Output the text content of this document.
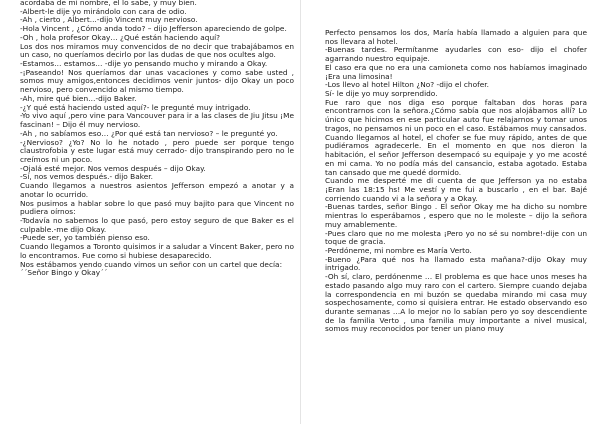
acordaba de mi nombre, el lo sabe, y muy bien.

-Albert-le dije yo mirándolo con cara de odio.

-Ah , cierto , Albert...-dijo Vincent muy nervioso.

-Hola Vincent , ¿Cómo anda todo? – dijo Jefferson apareciendo de golpe.

-Oh , hola profesor Okay… ¿Qué están haciendo aquí?

Los dos nos miramos muy convencidos de no decir que trabajábamos en un caso, no queríamos decirlo por las dudas de que nos ocultes algo.

-Estamos… estamos… -dije yo pensando mucho y mirando a Okay.

-¡Paseando! Nos queríamos dar unas vacaciones y como sabe usted , somos muy amigos,entonces decidimos venir juntos- dijo Okay un poco nervioso, pero convencido al mismo tiempo.

-Ah, mire qué bien…-dijo Baker.

-¿Y qué está haciendo usted aquí?- le pregunté muy intrigado.

-Yo vivo aquí ,pero vine para Vancouver para ir a las clases de Jiu Jitsu ¡Me fascinan! – Dijo él muy nervioso.

-Ah , no sabíamos eso… ¿Por qué está tan nervioso? – le pregunté yo.

-¿Nervioso? ¿Yo? No lo he notado , pero puede ser porque tengo claustrofobia y este lugar está muy cerrado- dijo transpirando pero no le creímos ni un poco.

-Ojalá esté mejor. Nos vemos después – dijo Okay.

-Sí, nos vemos después.- dijo Baker.

Cuando llegamos a nuestros asientos Jefferson empezó a anotar y a anotar lo ocurrido.

Nos pusimos a hablar sobre lo que pasó muy bajito para que Vincent no pudiera oírnos:

-Todavía no sabemos lo que pasó, pero estoy seguro de que Baker es el culpable.-me dijo Okay.

-Puede ser, yo también pienso eso.

Cuando llegamos a Toronto quisimos ir a saludar a Vincent Baker, pero no lo encontramos. Fue como si hubiese desaparecido.

Nos estábamos yendo cuando vimos un señor con un cartel que decía:

´´Señor Bingo y Okay´´

Perfecto pensamos los dos, María había llamado a alguien para que nos llevara al hotel.

-Buenas tardes. Permítanme ayudarles con eso- dijo el chofer agarrando nuestro equipaje.

El caso era que no era una camioneta como nos habíamos imaginado ¡Era una limosina!

-Los llevo al hotel Hilton ¿No? -dijo el chofer.

Sí- le dije yo muy sorprendido.

Fue raro que nos diga eso porque faltaban dos horas para encontrarnos con la señora.¿Cómo sabía que nos alojábamos allí? Lo único que hicimos en ese particular auto fue relajarnos y tomar unos tragos, no pensamos ni un poco en el caso. Estábamos muy cansados.

Cuando llegamos al hotel, el chofer se fue muy rápido, antes de que pudiéramos agradecerle. En el momento en que nos dieron la habitación, el señor Jefferson desempacó su equipaje y yo me acosté en mi cama. Yo no podía más del cansancio, estaba agotado. Estaba tan cansado que me quedé dormido.

Cuando me desperté me di cuenta de que Jefferson ya no estaba ¡Eran las 18:15 hs! Me vestí y me fui a buscarlo , en el bar. Bajé corriendo cuando vi a la señora y a Okay.

-Buenas tardes, señor Bingo . El señor Okay me ha dicho su nombre mientras lo esperábamos , espero que no le moleste – dijo la señora muy amablemente.

-Pues claro que no me molesta ¡Pero yo no sé su nombre!-dije con un toque de gracia.

-Perdóneme, mi nombre es María Verto.

-Bueno ¿Para qué nos ha llamado esta mañana?-dijo Okay muy intrigado.

-Oh sí, claro, perdónenme … El problema es que hace unos meses ha estado pasando algo muy raro con el cartero. Siempre cuando dejaba la correspondencia en mi buzón se quedaba mirando mi casa muy sospechosamente, como si quisiera entrar. He estado observando eso durante semanas …A lo mejor no lo sabían pero yo soy descendiente de la familia Verto , una familia muy importante a nivel musical, somos muy reconocidos por tener un piano muy
